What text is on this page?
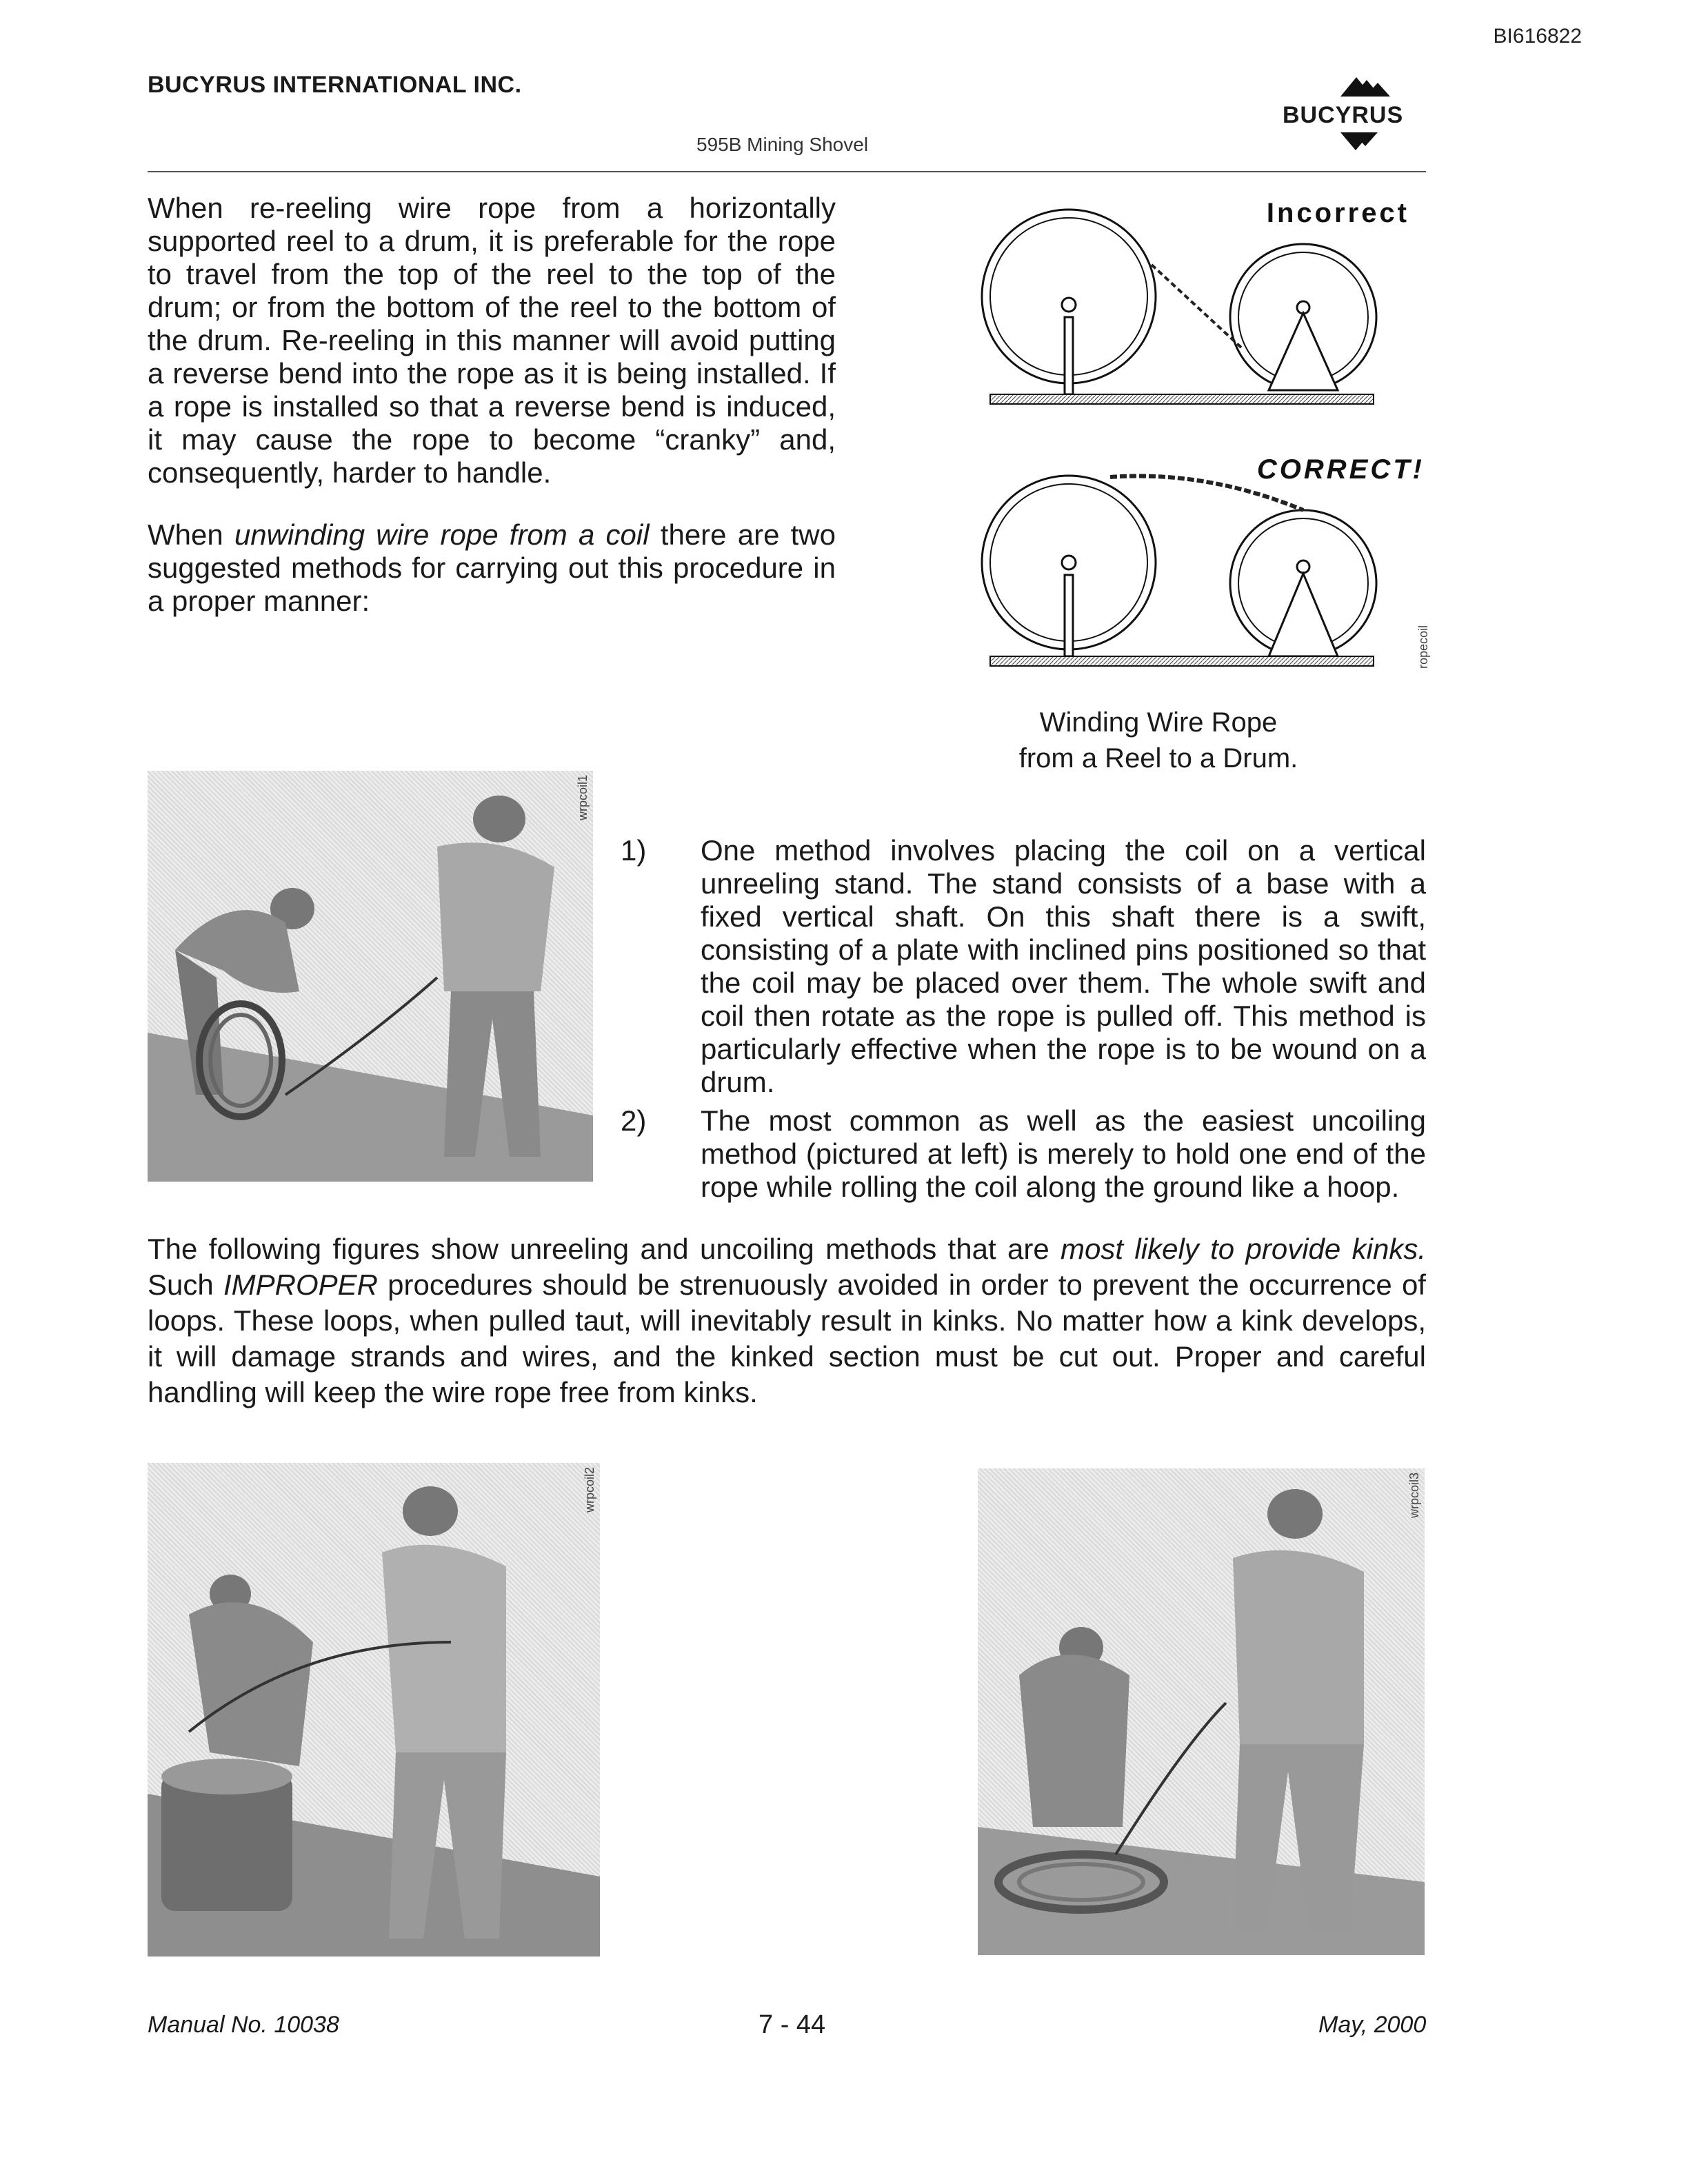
BI616822
BUCYRUS INTERNATIONAL INC.
BUCYRUS
595B Mining Shovel

When re-reeling wire rope from a horizontally supported reel to a drum, it is preferable for the rope to travel from the top of the reel to the top of the drum; or from the bottom of the reel to the bottom of the drum. Re-reeling in this manner will avoid putting a reverse bend into the rope as it is being installed. If a rope is installed so that a reverse bend is induced, it may cause the rope to become “cranky” and, consequently, harder to handle.

When unwinding wire rope from a coil there are two suggested methods for carrying out this procedure in a proper manner:

Incorrect
CORRECT!
ropecoil
Winding Wire Rope
from a Reel to a Drum.
wrpcoil1
1)	One method involves placing the coil on a vertical unreeling stand. The stand consists of a base with a fixed vertical shaft. On this shaft there is a swift, consisting of a plate with inclined pins positioned so that the coil may be placed over them. The whole swift and coil then rotate as the rope is pulled off. This method is particularly effective when the rope is to be wound on a drum.
2)	The most common as well as the easiest uncoiling method (pictured at left) is merely to hold one end of the rope while rolling the coil along the ground like a hoop.

The following figures show unreeling and uncoiling methods that are most likely to provide kinks. Such IMPROPER procedures should be strenuously avoided in order to prevent the occurrence of loops. These loops, when pulled taut, will inevitably result in kinks. No matter how a kink develops, it will damage strands and wires, and the kinked section must be cut out. Proper and careful handling will keep the wire rope free from kinks.

wrpcoil2	wrpcoil3
Manual No. 10038	7 - 44	May, 2000
